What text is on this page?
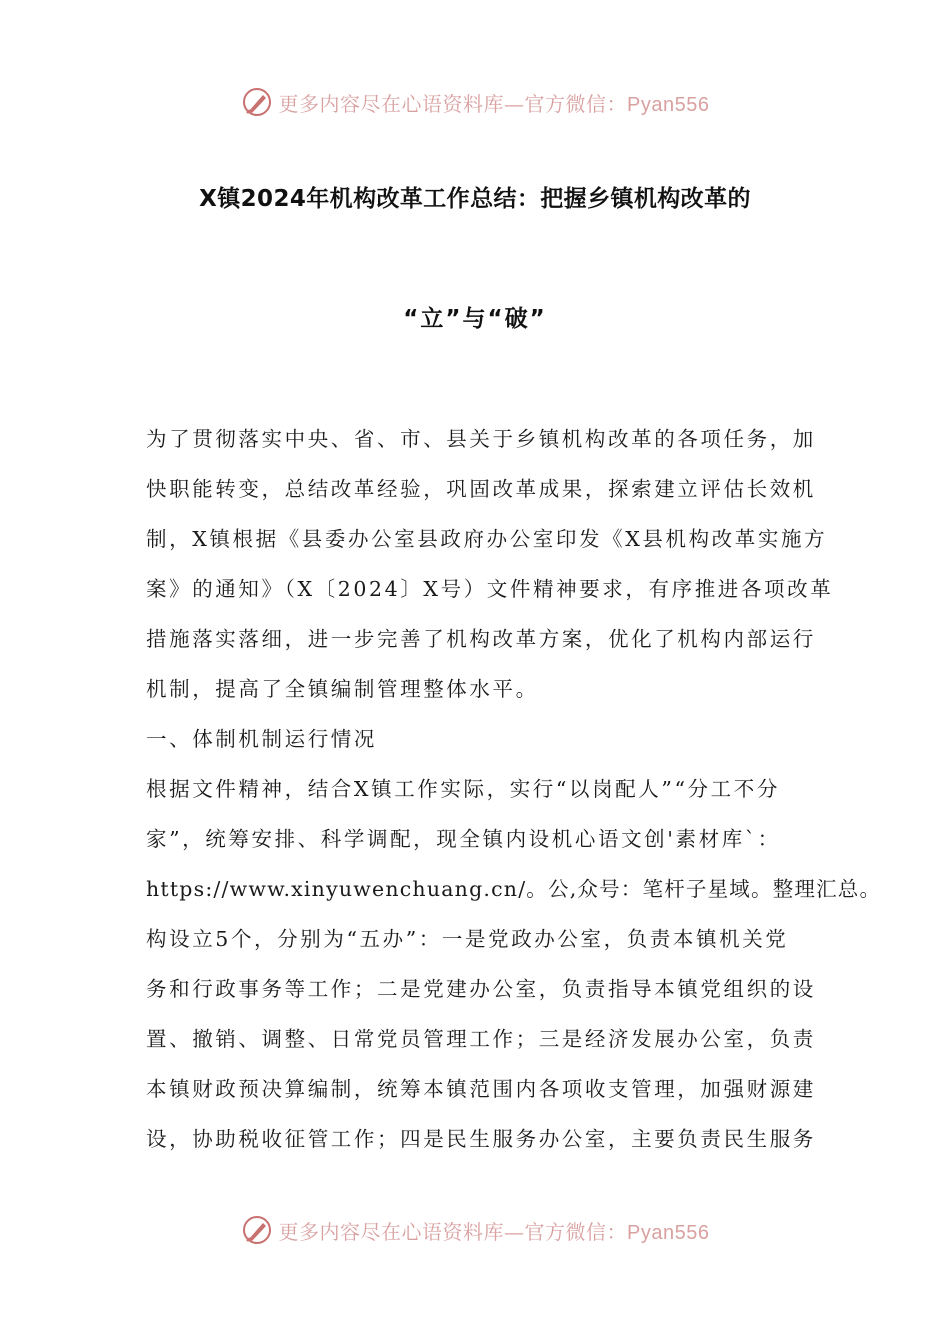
更多内容尽在心语资料库—官方微信：Pyan556
X镇2024年机构改革工作总结：把握乡镇机构改革的
“立”与“破”
为了贯彻落实中央、省、市、县关于乡镇机构改革的各项任务，加
快职能转变，总结改革经验，巩固改革成果，探索建立评估长效机
制，X镇根据《县委办公室县政府办公室印发《X县机构改革实施方
案》的通知》（X〔2024〕X号）文件精神要求，有序推进各项改革
措施落实落细，进一步完善了机构改革方案，优化了机构内部运行
机制，提高了全镇编制管理整体水平。
一、体制机制运行情况
根据文件精神，结合X镇工作实际，实行“以岗配人”“分工不分
家”，统筹安排、科学调配，现全镇内设机心语文创'素材库`：
https://www.xinyuwenchuang.cn/。公,众号：笔杆子星域。整理汇总。
构设立5个，分别为“五办”：一是党政办公室，负责本镇机关党
务和行政事务等工作；二是党建办公室，负责指导本镇党组织的设
置、撤销、调整、日常党员管理工作；三是经济发展办公室，负责
本镇财政预决算编制，统筹本镇范围内各项收支管理，加强财源建
设，协助税收征管工作；四是民生服务办公室，主要负责民生服务
更多内容尽在心语资料库—官方微信：Pyan556
